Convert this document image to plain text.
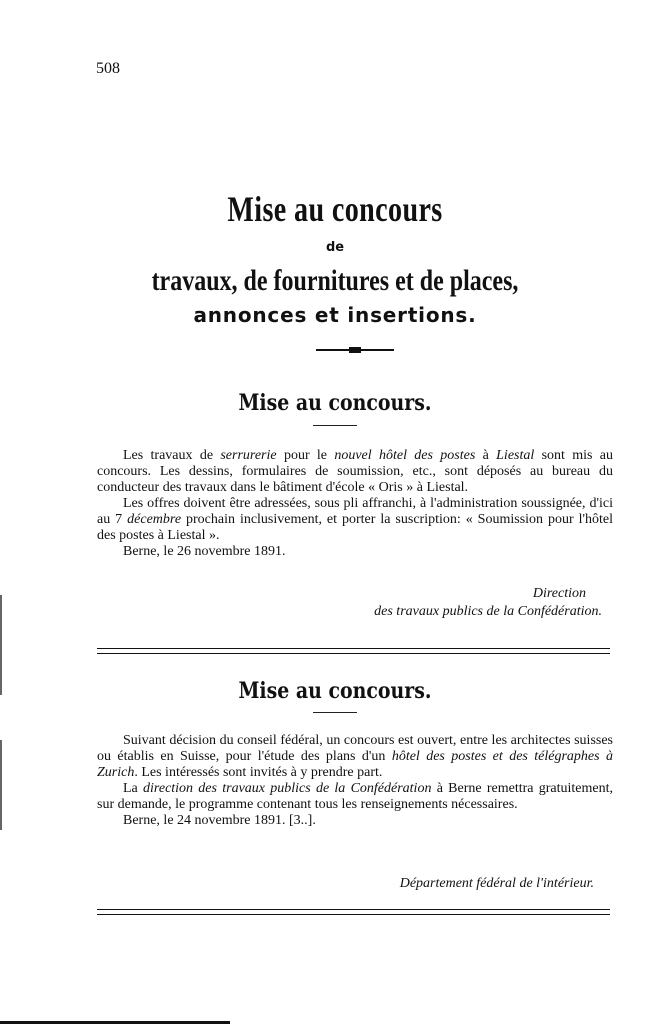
508
Mise au concours
de
travaux, de fournitures et de places,
annonces et insertions.
Mise au concours.

Les travaux de serrurerie pour le nouvel hôtel des postes à Liestal sont mis au concours. Les dessins, formulaires de soumission, etc., sont déposés au bureau du conducteur des travaux dans le bâtiment d'école « Oris » à Liestal.

Les offres doivent être adressées, sous pli affranchi, à l'administration soussignée, d'ici au 7 décembre prochain inclusivement, et porter la suscription: « Soumission pour l'hôtel des postes à Liestal ».

Berne, le 26 novembre 1891.

Direction
des travaux publics de la Confédération.
Mise au concours.

Suivant décision du conseil fédéral, un concours est ouvert, entre les architectes suisses ou établis en Suisse, pour l'étude des plans d'un hôtel des postes et des télégraphes à Zurich. Les intéressés sont invités à y prendre part.

La direction des travaux publics de la Confédération à Berne remettra gratuitement, sur demande, le programme contenant tous les renseignements nécessaires.

Berne, le 24 novembre 1891. [3..].

Département fédéral de l'intérieur.
